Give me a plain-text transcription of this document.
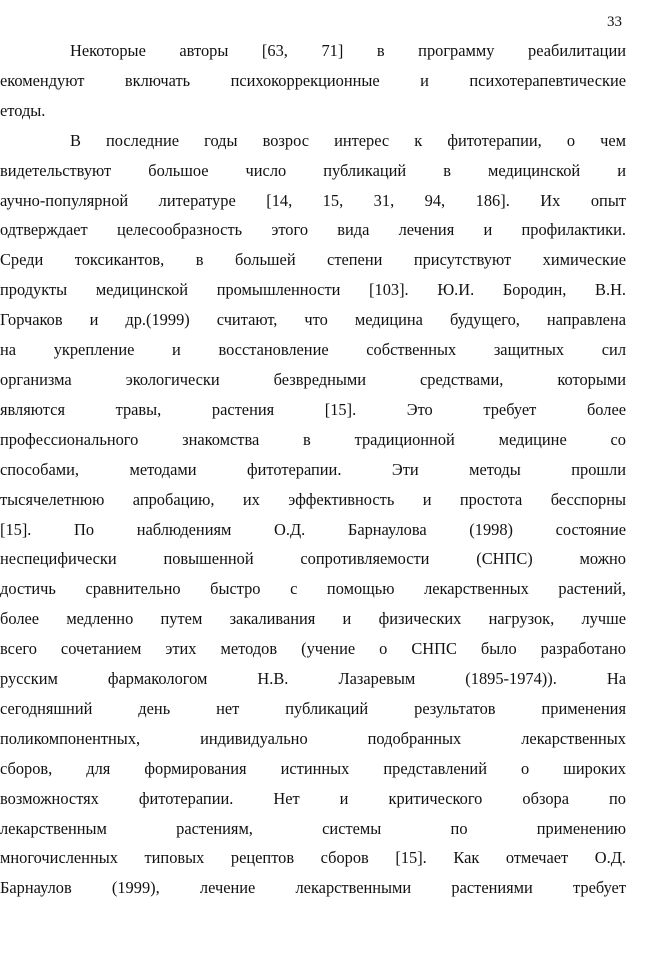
33
Некоторые авторы [63, 71] в программу реабилитации
екомендуют включать психокоррекционные и психотерапевтические
етоды.
В последние годы возрос интерес к фитотерапии, о чем
видетельствуют большое число публикаций в медицинской и
аучно-популярной литературе [14, 15, 31, 94, 186]. Их опыт
одтверждает целесообразность этого вида лечения и профилактики.
Среди токсикантов, в большей степени присутствуют химические
продукты медицинской промышленности [103]. Ю.И. Бородин, В.Н.
Горчаков и др.(1999) считают, что медицина будущего, направлена
на укрепление и восстановление собственных защитных сил
организма экологически безвредными средствами, которыми
являются травы, растения [15]. Это требует более
профессионального знакомства в традиционной медицине со
способами, методами фитотерапии. Эти методы прошли
тысячелетнюю апробацию, их эффективность и простота бесспорны
[15]. По наблюдениям О.Д. Барнаулова (1998) состояние
неспецифически повышенной сопротивляемости (СНПС) можно
достичь сравнительно быстро с помощью лекарственных растений,
более медленно путем закаливания и физических нагрузок, лучше
всего сочетанием этих методов (учение о СНПС было разработано
русским фармакологом Н.В. Лазаревым (1895-1974)). На
сегодняшний день нет публикаций результатов применения
поликомпонентных, индивидуально подобранных лекарственных
сборов, для формирования истинных представлений о широких
возможностях фитотерапии. Нет и критического обзора по
лекарственным растениям, системы по применению
многочисленных типовых рецептов сборов [15]. Как отмечает О.Д.
Барнаулов (1999), лечение лекарственными растениями требует
